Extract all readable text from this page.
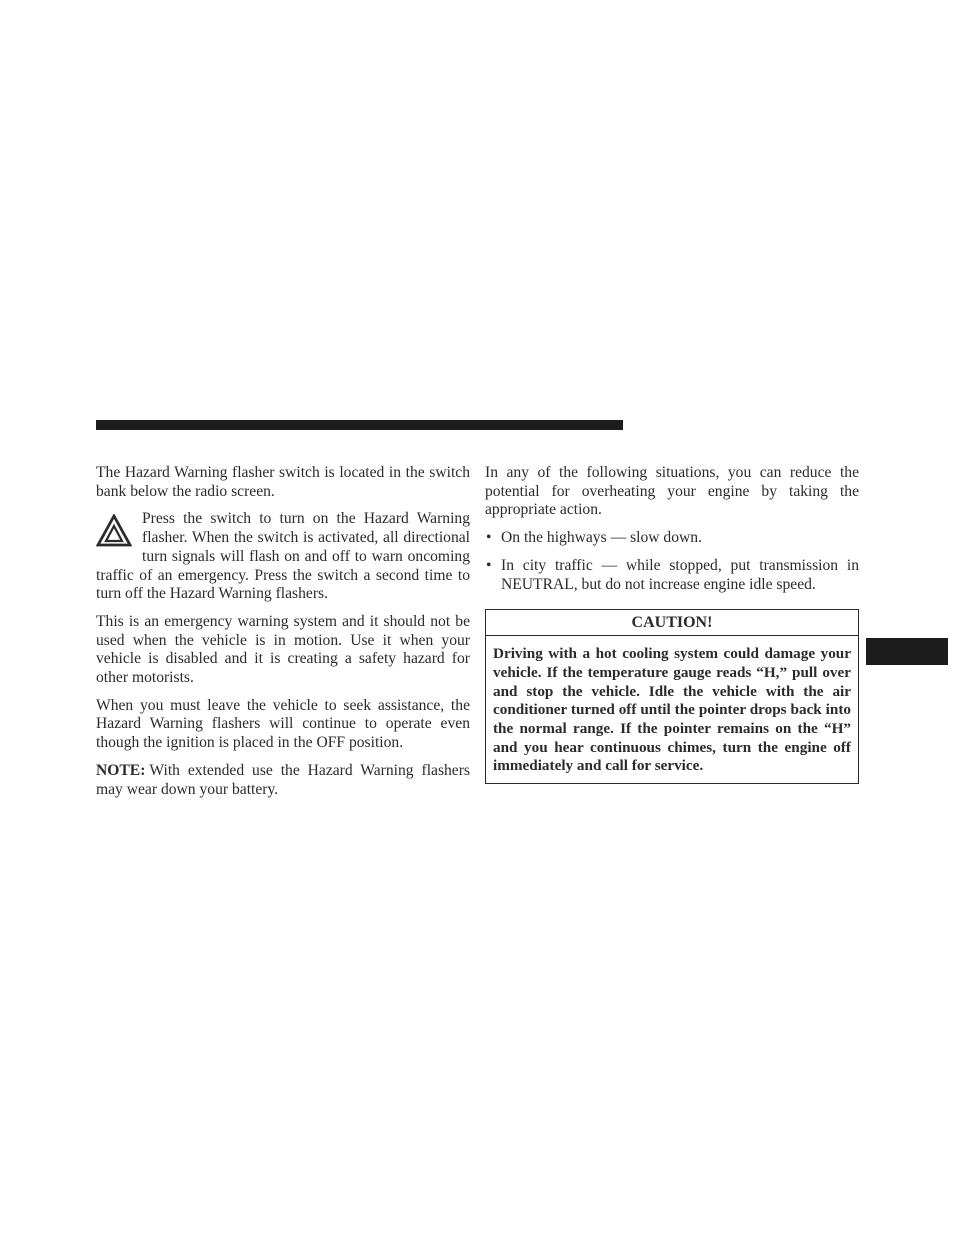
The Hazard Warning flasher switch is located in the switch bank below the radio screen.

Press the switch to turn on the Hazard Warning flasher. When the switch is activated, all directional turn signals will flash on and off to warn oncoming traffic of an emergency. Press the switch a second time to turn off the Hazard Warning flashers.

This is an emergency warning system and it should not be used when the vehicle is in motion. Use it when your vehicle is disabled and it is creating a safety hazard for other motorists.

When you must leave the vehicle to seek assistance, the Hazard Warning flashers will continue to operate even though the ignition is placed in the OFF position.

NOTE: With extended use the Hazard Warning flashers may wear down your battery.

In any of the following situations, you can reduce the potential for overheating your engine by taking the appropriate action.

• On the highways — slow down.
• In city traffic — while stopped, put transmission in NEUTRAL, but do not increase engine idle speed.
CAUTION!
Driving with a hot cooling system could damage your vehicle. If the temperature gauge reads “H,” pull over and stop the vehicle. Idle the vehicle with the air conditioner turned off until the pointer drops back into the normal range. If the pointer remains on the “H” and you hear continuous chimes, turn the engine off immediately and call for service.
